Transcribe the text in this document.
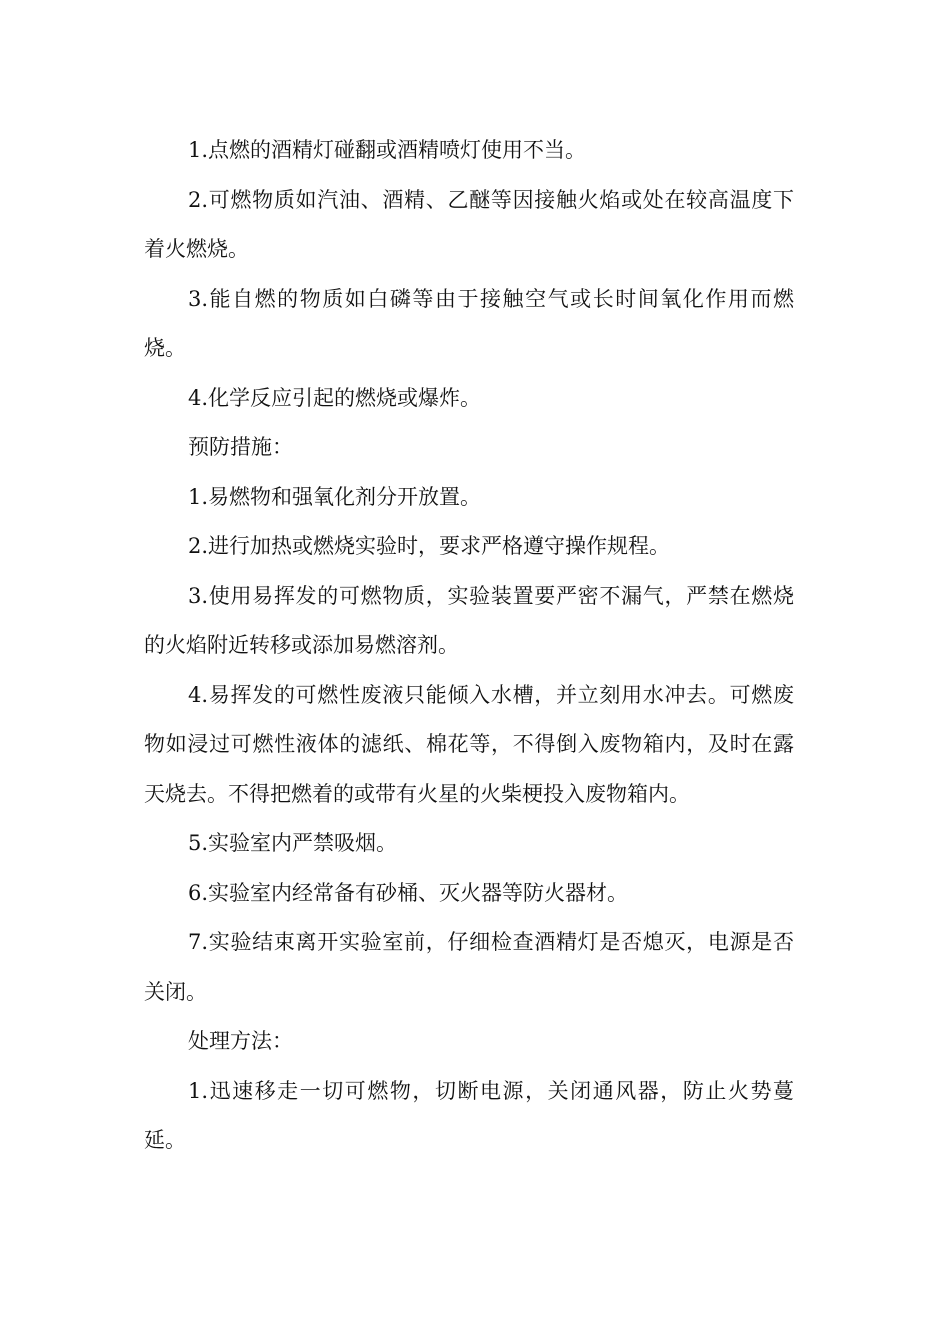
1.点燃的酒精灯碰翻或酒精喷灯使用不当。

2.可燃物质如汽油、酒精、乙醚等因接触火焰或处在较高温度下着火燃烧。

3.能自燃的物质如白磷等由于接触空气或长时间氧化作用而燃烧。

4.化学反应引起的燃烧或爆炸。

预防措施：

1.易燃物和强氧化剂分开放置。

2.进行加热或燃烧实验时，要求严格遵守操作规程。

3.使用易挥发的可燃物质，实验装置要严密不漏气，严禁在燃烧的火焰附近转移或添加易燃溶剂。

4.易挥发的可燃性废液只能倾入水槽，并立刻用水冲去。可燃废物如浸过可燃性液体的滤纸、棉花等，不得倒入废物箱内，及时在露天烧去。不得把燃着的或带有火星的火柴梗投入废物箱内。

5.实验室内严禁吸烟。

6.实验室内经常备有砂桶、灭火器等防火器材。

7.实验结束离开实验室前，仔细检查酒精灯是否熄灭，电源是否关闭。

处理方法：

1.迅速移走一切可燃物，切断电源，关闭通风器，防止火势蔓延。
